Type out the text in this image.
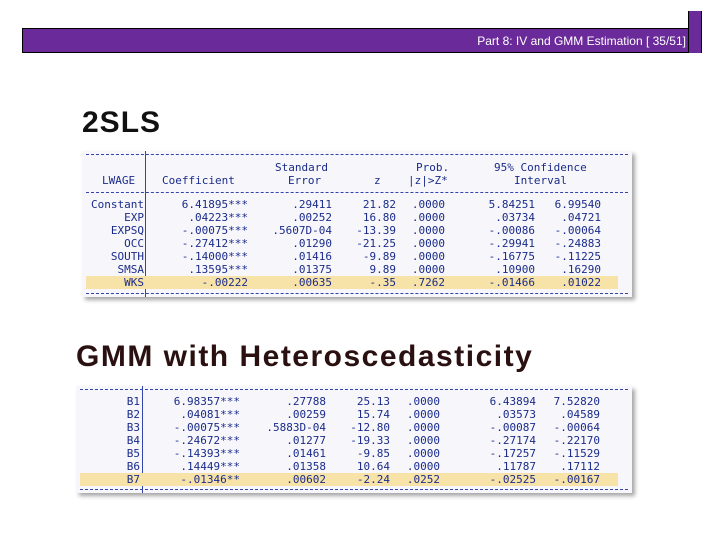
Part 8: IV and GMM Estimation [ 35/51]
2SLS
Standard	Prob.	95% Confidence
LWAGE Coefficient	Error	z |z|>Z*	Interval
Constant	6.41895***	.29411	21.82 .0000	5.84251 6.99540
EXP	.04223***	.00252	16.80 .0000	.03734 .04721
EXPSQ	-.00075*** .5607D-04 -13.39 .0000	-.00086 -.00064
OCC	-.27412***	.01290 -21.25 .0000	-.29941 -.24883
SOUTH	-.14000***	.01416	-9.89 .0000	-.16775 -.11225
SMSA	.13595***	.01375	9.89 .0000	.10900 .16290
WKS	-.00222	.00635	-.35 .7262	-.01466 .01022
GMM with Heteroscedasticity
B1	6.98357***	.27788	25.13 .0000	6.43894 7.52820
B2	.04081***	.00259	15.74 .0000	.03573 .04589
B3	-.00075*** .5883D-04 -12.80 .0000	-.00087 -.00064
B4	-.24672***	.01277 -19.33 .0000	-.27174 -.22170
B5	-.14393***	.01461	-9.85 .0000	-.17257 -.11529
B6	.14449***	.01358	10.64 .0000	.11787 .17112
B7	-.01346**	.00602	-2.24 .0252	-.02525 -.00167
